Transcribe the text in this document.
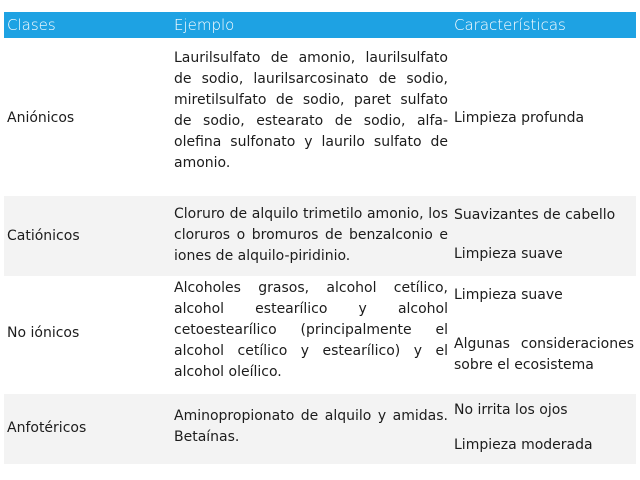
Clases	Ejemplo	Características
Aniónicos
Laurilsulfato de amonio, laurilsulfato de sodio, laurilsarcosinato de sodio, miretilsulfato de sodio, paret sulfato de sodio, estearato de sodio, alfa-olefina sulfonato y laurilo sulfato de amonio.
Limpieza profunda
Catiónicos
Cloruro de alquilo trimetilo amonio, los cloruros o bromuros de benzalconio e iones de alquilo-piridinio.
Suavizantes de cabello
Limpieza suave
No iónicos
Alcoholes grasos, alcohol cetílico, alcohol estearílico y alcohol cetoestearílico (principalmente el alcohol cetílico y estearílico) y el alcohol oleílico.
Limpieza suave
Algunas consideraciones sobre el ecosistema
Anfotéricos
Aminopropionato de alquilo y amidas. Betaínas.
No irrita los ojos
Limpieza moderada
